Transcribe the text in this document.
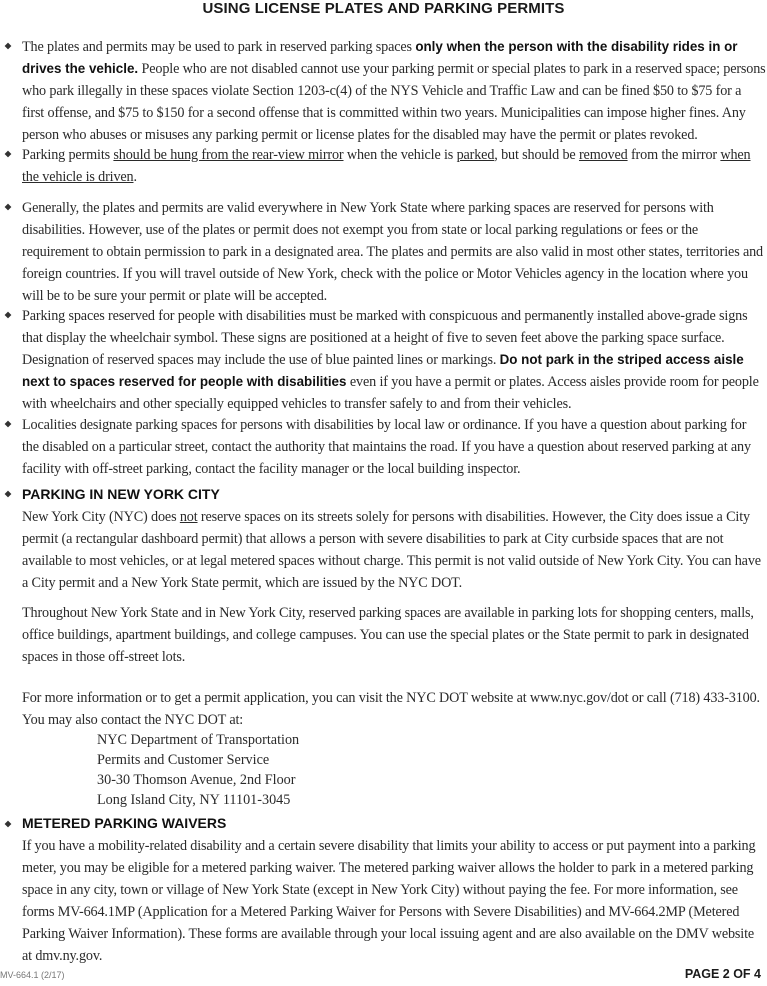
USING LICENSE PLATES AND PARKING PERMITS
The plates and permits may be used to park in reserved parking spaces only when the person with the disability rides in or drives the vehicle. People who are not disabled cannot use your parking permit or special plates to park in a reserved space; persons who park illegally in these spaces violate Section 1203-c(4) of the NYS Vehicle and Traffic Law and can be fined $50 to $75 for a first offense, and $75 to $150 for a second offense that is committed within two years. Municipalities can impose higher fines. Any person who abuses or misuses any parking permit or license plates for the disabled may have the permit or plates revoked.
Parking permits should be hung from the rear-view mirror when the vehicle is parked, but should be removed from the mirror when the vehicle is driven.
Generally, the plates and permits are valid everywhere in New York State where parking spaces are reserved for persons with disabilities. However, use of the plates or permit does not exempt you from state or local parking regulations or fees or the requirement to obtain permission to park in a designated area. The plates and permits are also valid in most other states, territories and foreign countries. If you will travel outside of New York, check with the police or Motor Vehicles agency in the location where you will be to be sure your permit or plate will be accepted.
Parking spaces reserved for people with disabilities must be marked with conspicuous and permanently installed above-grade signs that display the wheelchair symbol. These signs are positioned at a height of five to seven feet above the parking space surface. Designation of reserved spaces may include the use of blue painted lines or markings. Do not park in the striped access aisle next to spaces reserved for people with disabilities even if you have a permit or plates. Access aisles provide room for people with wheelchairs and other specially equipped vehicles to transfer safely to and from their vehicles.
Localities designate parking spaces for persons with disabilities by local law or ordinance. If you have a question about parking for the disabled on a particular street, contact the authority that maintains the road. If you have a question about reserved parking at any facility with off-street parking, contact the facility manager or the local building inspector.
PARKING IN NEW YORK CITY
New York City (NYC) does not reserve spaces on its streets solely for persons with disabilities. However, the City does issue a City permit (a rectangular dashboard permit) that allows a person with severe disabilities to park at City curbside spaces that are not available to most vehicles, or at legal metered spaces without charge. This permit is not valid outside of New York City. You can have a City permit and a New York State permit, which are issued by the NYC DOT.
Throughout New York State and in New York City, reserved parking spaces are available in parking lots for shopping centers, malls, office buildings, apartment buildings, and college campuses. You can use the special plates or the State permit to park in designated spaces in those off-street lots.
For more information or to get a permit application, you can visit the NYC DOT website at www.nyc.gov/dot or call (718) 433-3100. You may also contact the NYC DOT at:
NYC Department of Transportation
Permits and Customer Service
30-30 Thomson Avenue, 2nd Floor
Long Island City, NY 11101-3045
METERED PARKING WAIVERS
If you have a mobility-related disability and a certain severe disability that limits your ability to access or put payment into a parking meter, you may be eligible for a metered parking waiver. The metered parking waiver allows the holder to park in a metered parking space in any city, town or village of New York State (except in New York City) without paying the fee. For more information, see forms MV-664.1MP (Application for a Metered Parking Waiver for Persons with Severe Disabilities) and MV-664.2MP (Metered Parking Waiver Information). These forms are available through your local issuing agent and are also available on the DMV website at dmv.ny.gov.
MV-664.1 (2/17)	PAGE 2 OF 4
